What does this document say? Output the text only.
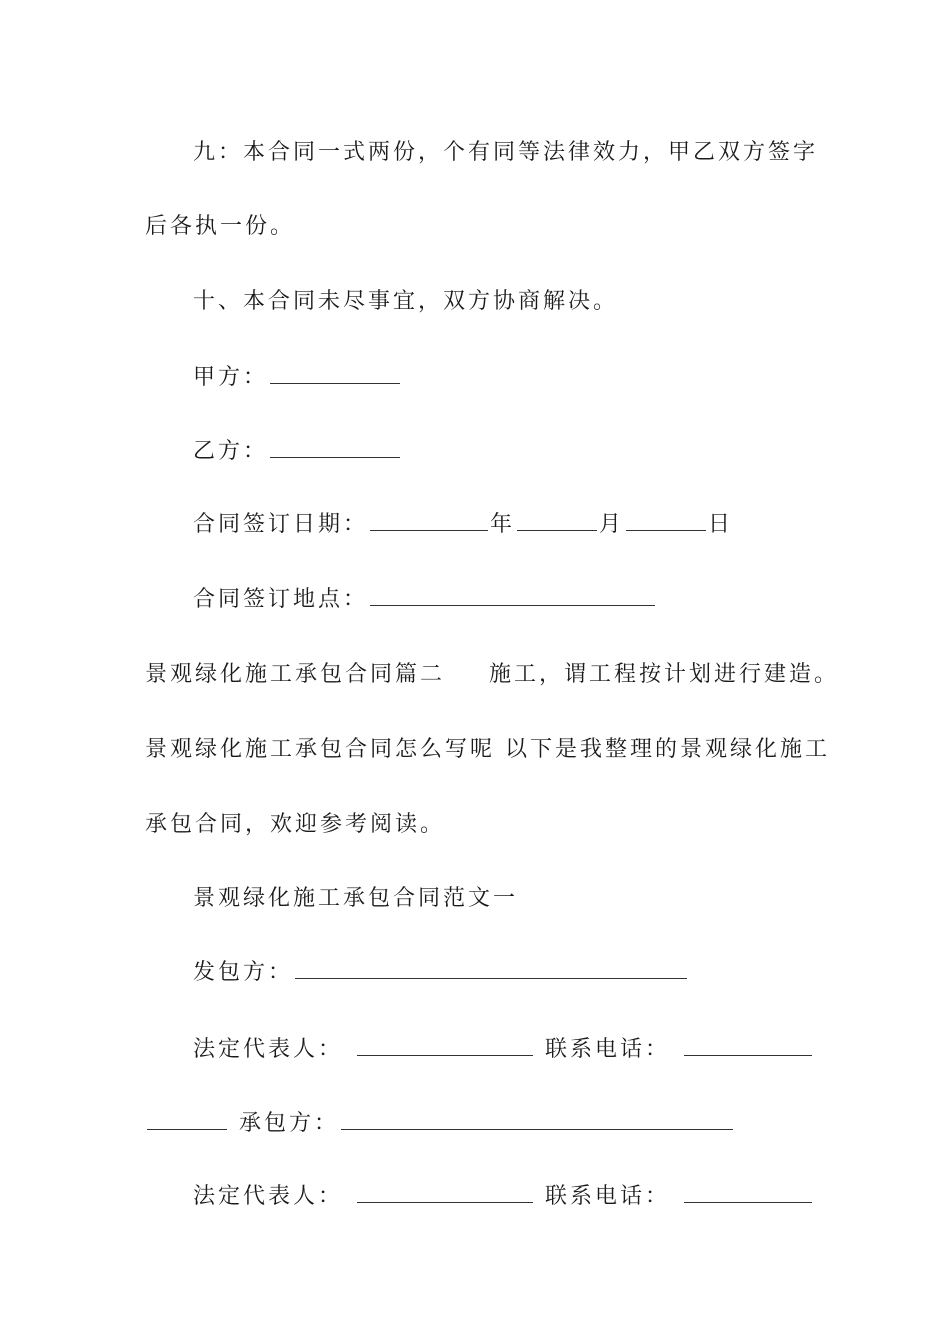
九：本合同一式两份，个有同等法律效力，甲乙双方签字
后各执一份。
十、本合同未尽事宜，双方协商解决。
甲方：
乙方：
合同签订日期：	年	月	日
合同签订地点：
景观绿化施工承包合同篇二 施工，谓工程按计划进行建造。
景观绿化施工承包合同怎么写呢 以下是我整理的景观绿化施工
承包合同，欢迎参考阅读。
景观绿化施工承包合同范文一
发包方：
法定代表人：	联系电话：
承包方：
法定代表人：	联系电话：
